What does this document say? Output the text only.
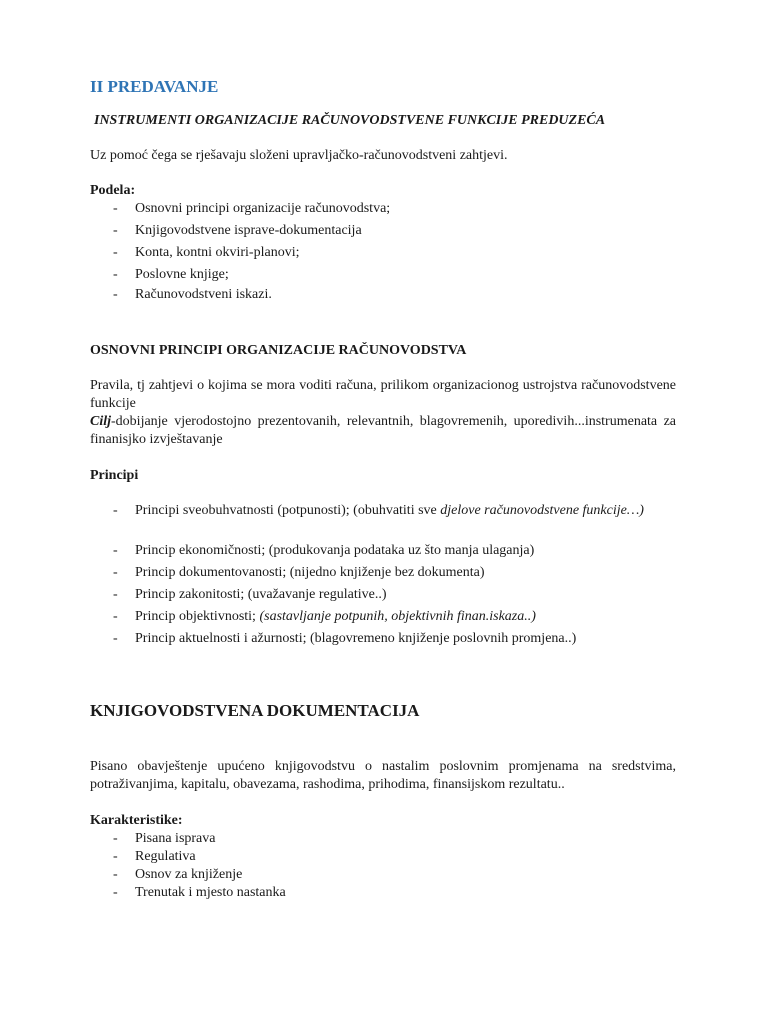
II PREDAVANJE

INSTRUMENTI ORGANIZACIJE RAČUNOVODSTVENE FUNKCIJE PREDUZEĆA

Uz pomoć čega se rješavaju složeni upravljačko-računovodstveni zahtjevi.

Podela:

- Osnovni principi organizacije računovodstva;
- Knjigovodstvene isprave-dokumentacija
- Konta, kontni okviri-planovi;
- Poslovne knjige;
- Računovodstveni iskazi.
OSNOVNI PRINCIPI ORGANIZACIJE RAČUNOVODSTVA

Pravila, tj zahtjevi o kojima se mora voditi računa, prilikom organizacionog ustrojstva računovodstvene funkcije

Cilj-dobijanje vjerodostojno prezentovanih, relevantnih, blagovremenih, uporedivih...instrumenata za finanisjko izvještavanje

Principi

- Principi sveobuhvatnosti (potpunosti); (obuhvatiti sve djelove računovodstvene funkcije…)
- Princip ekonomičnosti; (produkovanja podataka uz što manja ulaganja)
- Princip dokumentovanosti; (nijedno knjiženje bez dokumenta)
- Princip zakonitosti; (uvažavanje regulative..)
- Princip objektivnosti; (sastavljanje potpunih, objektivnih finan.iskaza..)
- Princip aktuelnosti i ažurnosti; (blagovremeno knjiženje poslovnih promjena..)
KNJIGOVODSTVENA DOKUMENTACIJA

Pisano obavještenje upućeno knjigovodstvu o nastalim poslovnim promjenama na sredstvima, potraživanjima, kapitalu, obavezama, rashodima, prihodima, finansijskom rezultatu..

Karakteristike:

- Pisana isprava
- Regulativa
- Osnov za knjiženje
- Trenutak i mjesto nastanka
